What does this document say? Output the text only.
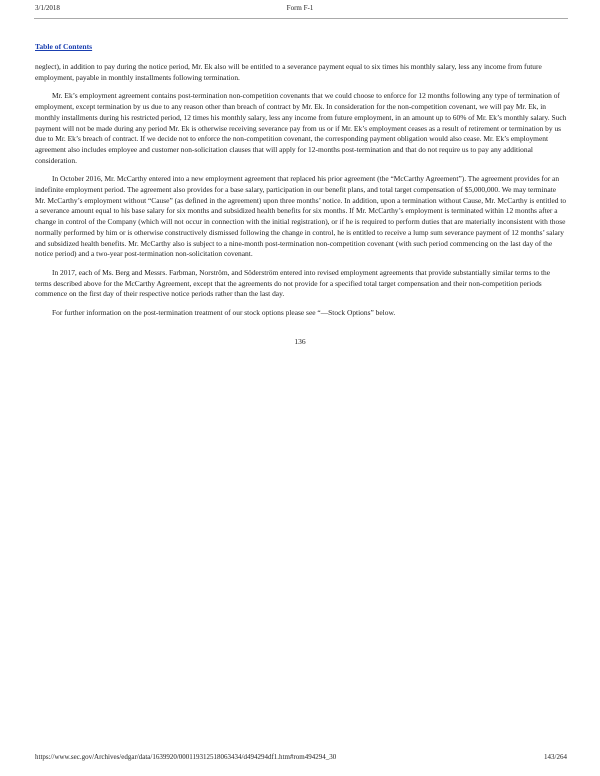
3/1/2018	Form F-1
Table of Contents

neglect), in addition to pay during the notice period, Mr. Ek also will be entitled to a severance payment equal to six times his monthly salary, less any income from future employment, payable in monthly installments following termination.

Mr. Ek’s employment agreement contains post-termination non-competition covenants that we could choose to enforce for 12 months following any type of termination of employment, except termination by us due to any reason other than breach of contract by Mr. Ek. In consideration for the non-competition covenant, we will pay Mr. Ek, in monthly installments during his restricted period, 12 times his monthly salary, less any income from future employment, in an amount up to 60% of Mr. Ek’s monthly salary. Such payment will not be made during any period Mr. Ek is otherwise receiving severance pay from us or if Mr. Ek’s employment ceases as a result of retirement or termination by us due to Mr. Ek’s breach of contract. If we decide not to enforce the non-competition covenant, the corresponding payment obligation would also cease. Mr. Ek’s employment agreement also includes employee and customer non-solicitation clauses that will apply for 12-months post-termination and that do not require us to pay any additional consideration.

In October 2016, Mr. McCarthy entered into a new employment agreement that replaced his prior agreement (the “McCarthy Agreement”). The agreement provides for an indefinite employment period. The agreement also provides for a base salary, participation in our benefit plans, and total target compensation of $5,000,000. We may terminate Mr. McCarthy’s employment without “Cause” (as defined in the agreement) upon three months’ notice. In addition, upon a termination without Cause, Mr. McCarthy is entitled to a severance amount equal to his base salary for six months and subsidized health benefits for six months. If Mr. McCarthy’s employment is terminated within 12 months after a change in control of the Company (which will not occur in connection with the initial registration), or if he is required to perform duties that are materially inconsistent with those normally performed by him or is otherwise constructively dismissed following the change in control, he is entitled to receive a lump sum severance payment of 12 months’ salary and subsidized health benefits. Mr. McCarthy also is subject to a nine-month post-termination non-competition covenant (with such period commencing on the last day of the notice period) and a two-year post-termination non-solicitation covenant.

In 2017, each of Ms. Berg and Messrs. Farbman, Norström, and Söderström entered into revised employment agreements that provide substantially similar terms to the terms described above for the McCarthy Agreement, except that the agreements do not provide for a specified total target compensation and their non-competition periods commence on the first day of their respective notice periods rather than the last day.

For further information on the post-termination treatment of our stock options please see “—Stock Options” below.

136
https://www.sec.gov/Archives/edgar/data/1639920/000119312518063434/d494294df1.htm#rom494294_30	143/264
